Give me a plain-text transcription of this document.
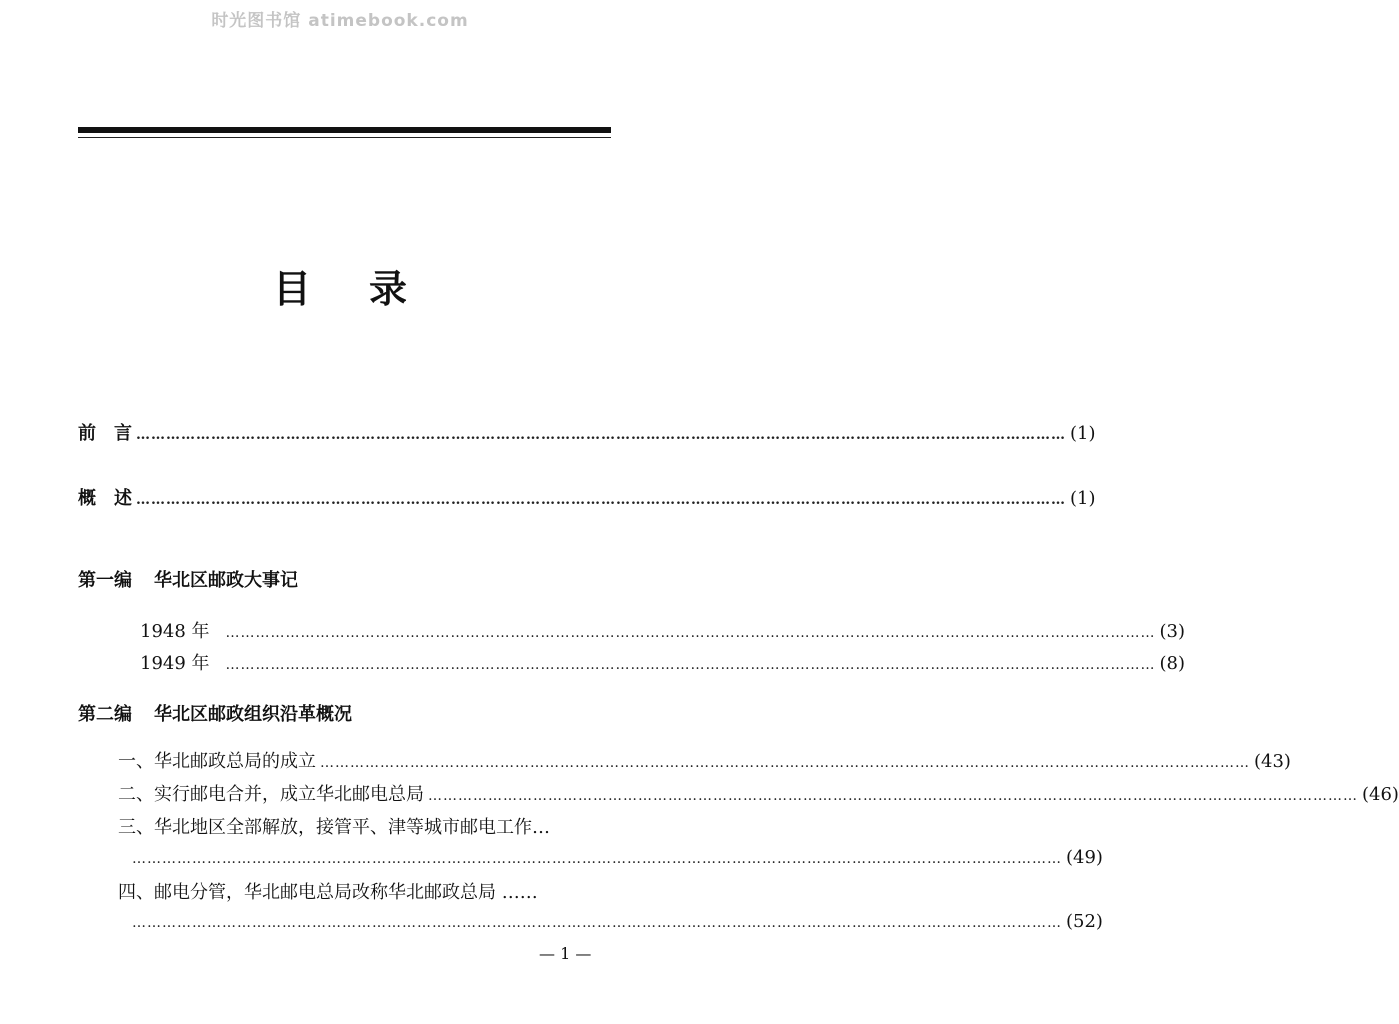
时光图书馆 atimebook.com
目录
前　言 …………………………………………………………………………………………………………………………………………………………………… (1)
概　述 …………………………………………………………………………………………………………………………………………………………………… (1)
第一编 华北区邮政大事记
1948 年 …………………………………………………………………………………………………………………………………………………………………… (3)
1949 年 …………………………………………………………………………………………………………………………………………………………………… (8)
第二编 华北区邮政组织沿革概况
一、华北邮政总局的成立 …………………………………………………………………………………………………………………………………………………………………… (43)
二、实行邮电合并，成立华北邮电总局 …………………………………………………………………………………………………………………………………………………………………… (46)
三、华北地区全部解放，接管平、津等城市邮电工作…
…………………………………………………………………………………………………………………………………………………………………… (49)
四、邮电分管，华北邮电总局改称华北邮政总局 ……
…………………………………………………………………………………………………………………………………………………………………… (52)
— 1 —
